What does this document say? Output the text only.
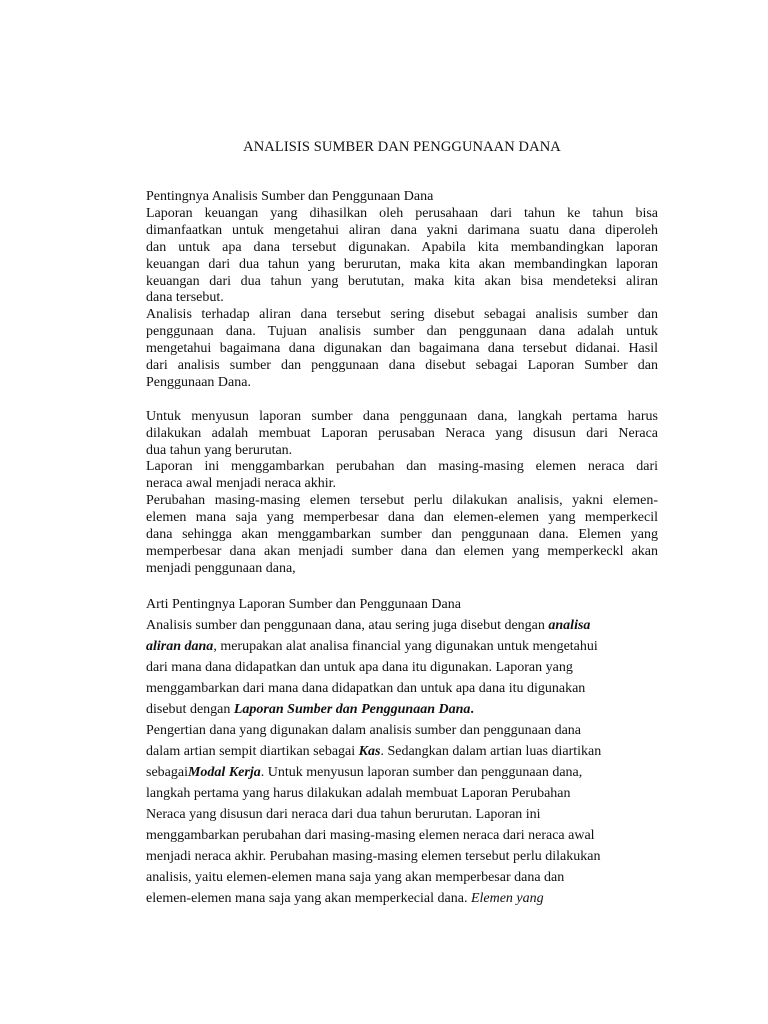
ANALISIS SUMBER DAN PENGGUNAAN DANA

Pentingnya Analisis Sumber dan Penggunaan Dana

Laporan keuangan yang dihasilkan oleh perusahaan dari tahun ke tahun bisa

dimanfaatkan untuk mengetahui aliran dana yakni darimana suatu dana diperoleh

dan untuk apa dana tersebut digunakan. Apabila kita membandingkan laporan

keuangan dari dua tahun yang berurutan, maka kita akan membandingkan laporan

keuangan dari dua tahun yang berututan, maka kita akan bisa mendeteksi aliran

dana tersebut.

Analisis terhadap aliran dana tersebut sering disebut sebagai analisis sumber dan

penggunaan dana. Tujuan analisis sumber dan penggunaan dana adalah untuk

mengetahui bagaimana dana digunakan dan bagaimana dana tersebut didanai. Hasil

dari analisis sumber dan penggunaan dana disebut sebagai Laporan Sumber dan

Penggunaan Dana.

Untuk menyusun laporan sumber dana penggunaan dana, langkah pertama harus

dilakukan adalah membuat Laporan perusaban Neraca yang disusun dari Neraca

dua tahun yang berurutan.

Laporan ini menggambarkan perubahan dan masing-masing elemen neraca dari

neraca awal menjadi neraca akhir.

Perubahan masing-masing elemen tersebut perlu dilakukan analisis, yakni elemen-

elemen mana saja yang memperbesar dana dan elemen-elemen yang memperkecil

dana sehingga akan menggambarkan sumber dan penggunaan dana. Elemen yang

memperbesar dana akan menjadi sumber dana dan elemen yang memperkeckl akan

menjadi penggunaan dana,

Arti Pentingnya Laporan Sumber dan Penggunaan Dana

Analisis sumber dan penggunaan dana, atau sering juga disebut dengan analisa

aliran dana, merupakan alat analisa financial yang digunakan untuk mengetahui

dari mana dana didapatkan dan untuk apa dana itu digunakan. Laporan yang

menggambarkan dari mana dana didapatkan dan untuk apa dana itu digunakan

disebut dengan Laporan Sumber dan Penggunaan Dana.

Pengertian dana yang digunakan dalam analisis sumber dan penggunaan dana

dalam artian sempit diartikan sebagai Kas. Sedangkan dalam artian luas diartikan

sebagaiModal Kerja. Untuk menyusun laporan sumber dan penggunaan dana,

langkah pertama yang harus dilakukan adalah membuat Laporan Perubahan

Neraca yang disusun dari neraca dari dua tahun berurutan. Laporan ini

menggambarkan perubahan dari masing-masing elemen neraca dari neraca awal

menjadi neraca akhir. Perubahan masing-masing elemen tersebut perlu dilakukan

analisis, yaitu elemen-elemen mana saja yang akan memperbesar dana dan

elemen-elemen mana saja yang akan memperkecial dana. Elemen yang
